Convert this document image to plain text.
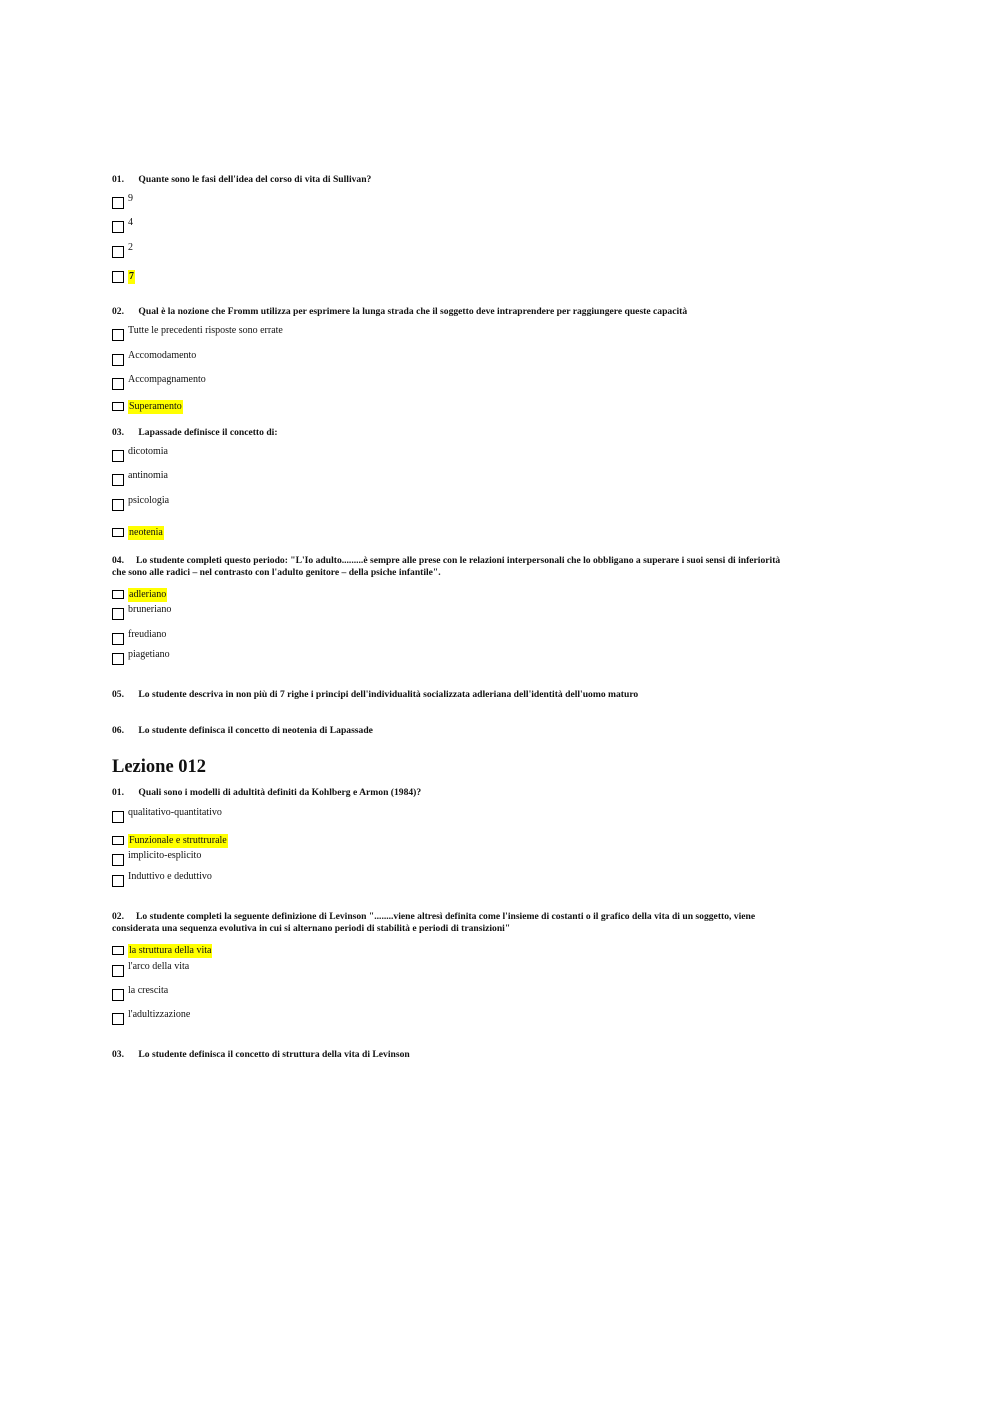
01. Quante sono le fasi dell'idea del corso di vita di Sullivan?
9
4
2
7
02. Qual è la nozione che Fromm utilizza per esprimere la lunga strada che il soggetto deve intraprendere per raggiungere queste capacità
Tutte le precedenti risposte sono errate
Accomodamento
Accompagnamento
Superamento
03. Lapassade definisce il concetto di:
dicotomia
antinomia
psicologia
neotenia
04. Lo studente completi questo periodo: "L'Io adulto.........è sempre alle prese con le relazioni interpersonali che lo obbligano a superare i suoi sensi di inferiorità
che sono alle radici – nel contrasto con l'adulto genitore – della psiche infantile".
adleriano
bruneriano
freudiano
piagetiano
05. Lo studente descriva in non più di 7 righe i principi dell'individualità socializzata adleriana dell'identità dell'uomo maturo
06. Lo studente definisca il concetto di neotenia di Lapassade
Lezione 012
01. Quali sono i modelli di adultità definiti da Kohlberg e Armon (1984)?
qualitativo-quantitativo
Funzionale e struttrurale
implicito-esplicito
Induttivo e deduttivo
02. Lo studente completi la seguente definizione di Levinson "........viene altresì definita come l'insieme di costanti o il grafico della vita di un soggetto, viene
considerata una sequenza evolutiva in cui si alternano periodi di stabilità e periodi di transizioni"
la struttura della vita
l'arco della vita
la crescita
l'adultizzazione
03. Lo studente definisca il concetto di struttura della vita di Levinson
